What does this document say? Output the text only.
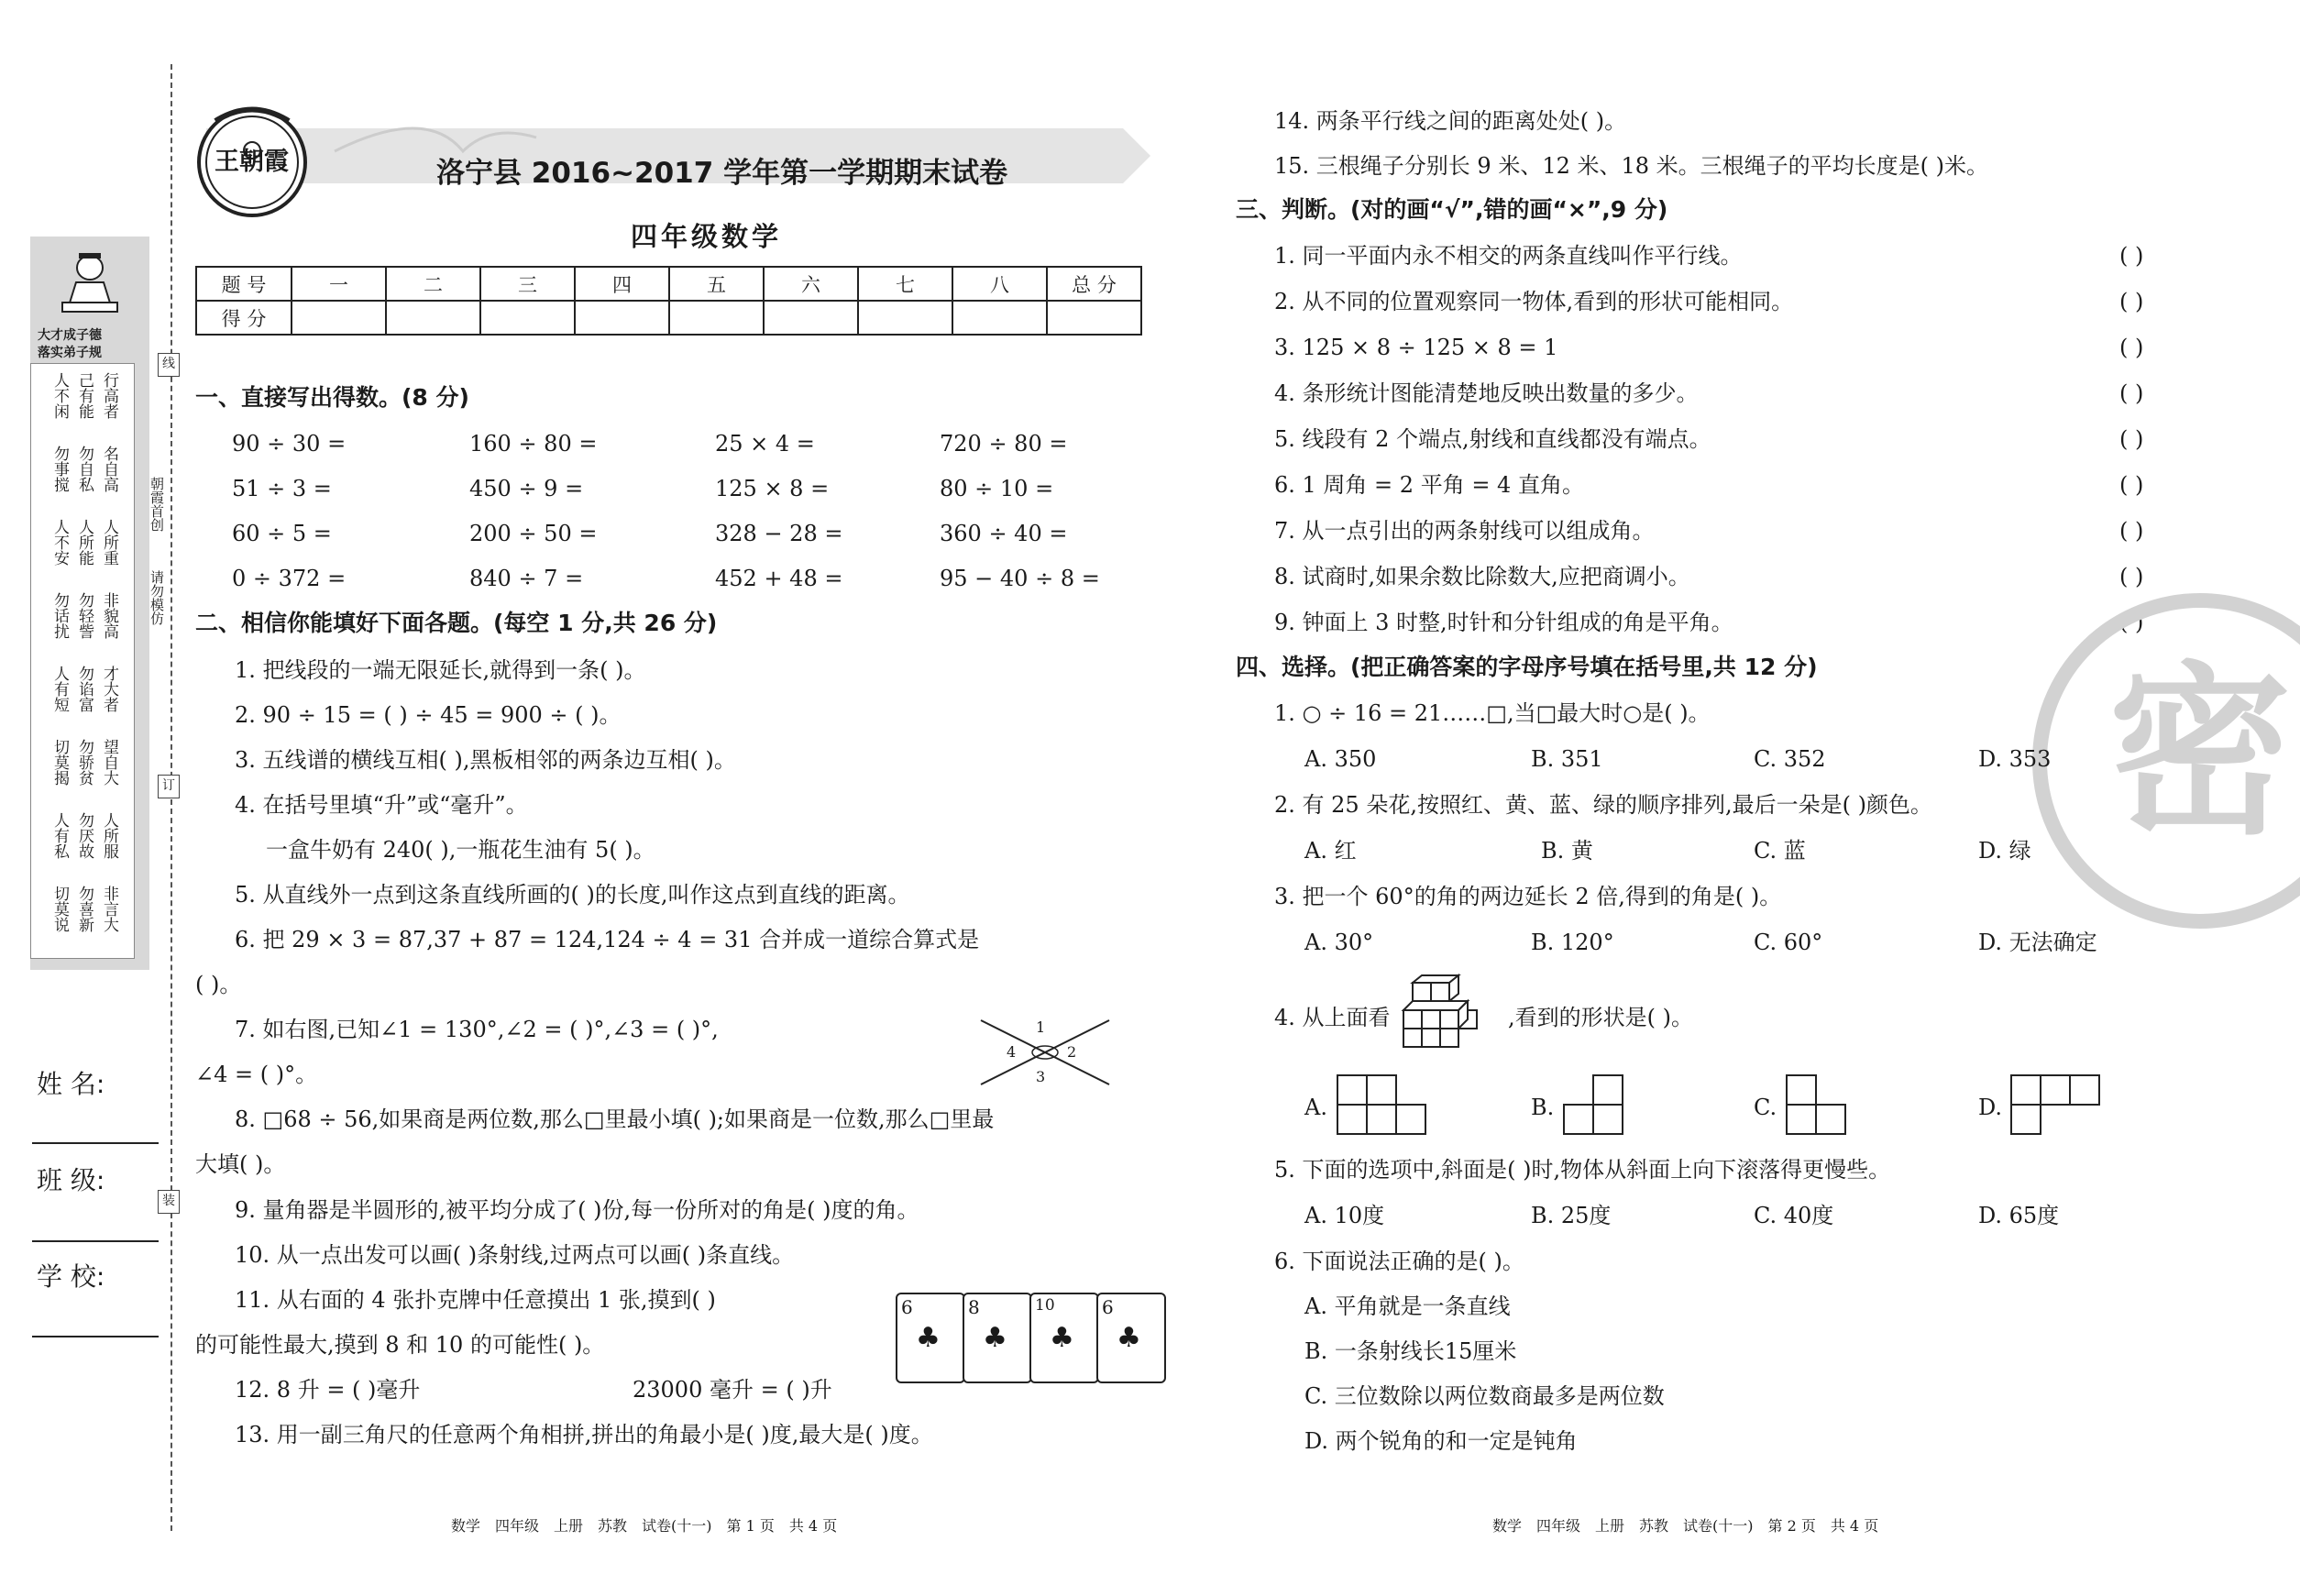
线
订
装
大才成子德
落实弟子规
人不闲 己有能 行高者
勿事搅 勿自私 名自高
人不安 人所能 人所重
勿话扰 勿轻訾 非貌高
人有短 勿谄富 才大者
切莫揭 勿骄贫 望自大
人有私 勿厌故 人所服
切莫说 勿喜新 非言大
朝霞首创
请勿模仿
姓 名:
班 级:
学 校:
王朝霞	洛宁县 2016~2017 学年第一学期期末试卷
四年级数学
题 号	一	二	三	四	五	六	七	八	总 分
得 分									
一、直接写出得数。(8 分)
90 ÷ 30 =	160 ÷ 80 =	25 × 4 =	720 ÷ 80 =
51 ÷ 3 =	450 ÷ 9 =	125 × 8 =	80 ÷ 10 =
60 ÷ 5 =	200 ÷ 50 =	328 − 28 =	360 ÷ 40 =
0 ÷ 372 =	840 ÷ 7 =	452 + 48 =	95 − 40 ÷ 8 =
二、相信你能填好下面各题。(每空 1 分,共 26 分)
1. 把线段的一端无限延长,就得到一条( )。
2. 90 ÷ 15 = ( ) ÷ 45 = 900 ÷ ( )。
3. 五线谱的横线互相( ),黑板相邻的两条边互相( )。
4. 在括号里填“升”或“毫升”。
一盒牛奶有 240( ),一瓶花生油有 5( )。
5. 从直线外一点到这条直线所画的( )的长度,叫作这点到直线的距离。
6. 把 29 × 3 = 87,37 + 87 = 124,124 ÷ 4 = 31 合并成一道综合算式是
( )。
7. 如右图,已知∠1 = 130°,∠2 = ( )°,∠3 = ( )°,
∠4 = ( )°。
1
2
3
4
8. □68 ÷ 56,如果商是两位数,那么□里最小填( );如果商是一位数,那么□里最
大填( )。
9. 量角器是半圆形的,被平均分成了( )份,每一份所对的角是( )度的角。
10. 从一点出发可以画( )条射线,过两点可以画( )条直线。
11. 从右面的 4 张扑克牌中任意摸出 1 张,摸到( )
的可能性最大,摸到 8 和 10 的可能性( )。
6
♣
8
♣
10
♣
6
♣
12. 8 升 = ( )毫升	23000 毫升 = ( )升
13. 用一副三角尺的任意两个角相拼,拼出的角最小是( )度,最大是( )度。
数学　四年级　上册　苏教　试卷(十一)　第 1 页　共 4 页
14. 两条平行线之间的距离处处( )。
15. 三根绳子分别长 9 米、12 米、18 米。三根绳子的平均长度是( )米。
三、判断。(对的画“√”,错的画“×”,9 分)
1. 同一平面内永不相交的两条直线叫作平行线。	( )
2. 从不同的位置观察同一物体,看到的形状可能相同。	( )
3. 125 × 8 ÷ 125 × 8 = 1	( )
4. 条形统计图能清楚地反映出数量的多少。	( )
5. 线段有 2 个端点,射线和直线都没有端点。	( )
6. 1 周角 = 2 平角 = 4 直角。	( )
7. 从一点引出的两条射线可以组成角。	( )
8. 试商时,如果余数比除数大,应把商调小。	( )
9. 钟面上 3 时整,时针和分针组成的角是平角。	( )
密
四、选择。(把正确答案的字母序号填在括号里,共 12 分)
1. ○ ÷ 16 = 21……□,当□最大时○是( )。
A. 350	B. 351	C. 352	D. 353
2. 有 25 朵花,按照红、黄、蓝、绿的顺序排列,最后一朵是( )颜色。
A. 红	B. 黄	C. 蓝	D. 绿
3. 把一个 60°的角的两边延长 2 倍,得到的角是( )。
A. 30°	B. 120°	C. 60°	D. 无法确定
4. 从上面看	,看到的形状是( )。
A.	B.	C.	D.
5. 下面的选项中,斜面是( )时,物体从斜面上向下滚落得更慢些。
A. 10度	B. 25度	C. 40度	D. 65度
6. 下面说法正确的是( )。
A. 平角就是一条直线
B. 一条射线长15厘米
C. 三位数除以两位数商最多是两位数
D. 两个锐角的和一定是钝角
数学　四年级　上册　苏教　试卷(十一)　第 2 页　共 4 页
